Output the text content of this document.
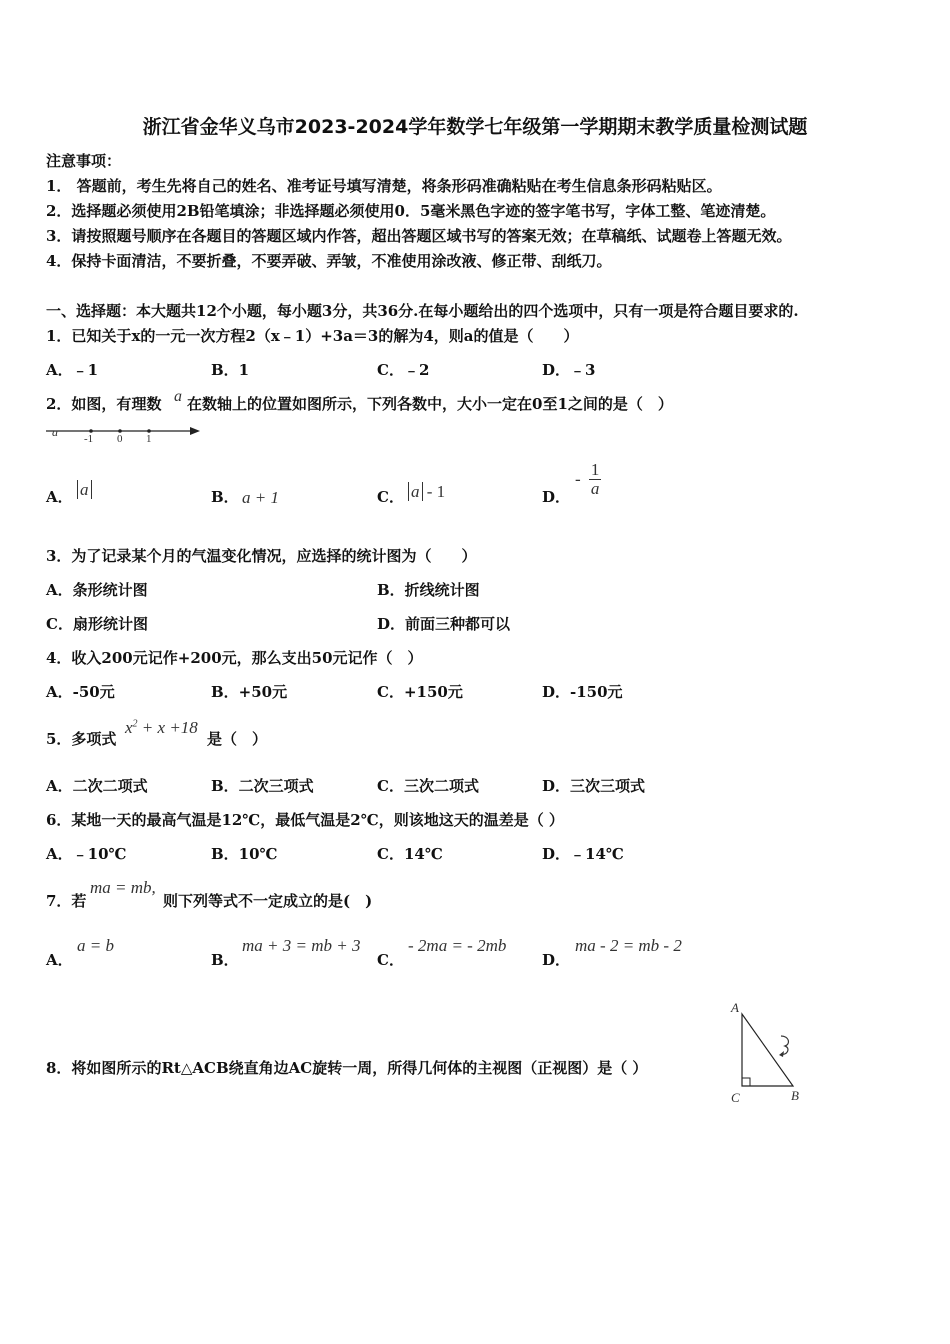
浙江省金华义乌市2023-2024学年数学七年级第一学期期末教学质量检测试题
注意事项：
1． 答题前，考生先将自己的姓名、准考证号填写清楚，将条形码准确粘贴在考生信息条形码粘贴区。
2．选择题必须使用2B铅笔填涂；非选择题必须使用0．5毫米黑色字迹的签字笔书写，字体工整、笔迹清楚。
3．请按照题号顺序在各题目的答题区域内作答，超出答题区域书写的答案无效；在草稿纸、试题卷上答题无效。
4．保持卡面清洁，不要折叠，不要弄破、弄皱，不准使用涂改液、修正带、刮纸刀。
一、选择题：本大题共12个小题，每小题3分，共36分.在每小题给出的四个选项中，只有一项是符合题目要求的.
1．已知关于x的一元一次方程2（x﹣1）+3a＝3的解为4，则a的值是（　　）
A．﹣1	B．1	C．﹣2	D．﹣3
2．如图，有理数 a 在数轴上的位置如图所示，下列各数中，大小一定在0至1之间的是（　）
a -1 0 1
A． a	B． a + 1	C． a - 1	D．
- $\frac{1}{a}$
3．为了记录某个月的气温变化情况，应选择的统计图为（　　）
A．条形统计图	B．折线统计图
C．扇形统计图	D．前面三种都可以
4．收入200元记作+200元，那么支出50元记作（　）
A．-50元	B．+50元	C．+150元	D．-150元
5．多项式
$x^2 + x +18$
是（　）
A．二次二项式	B．二次三项式	C．三次二项式	D．三次三项式
6．某地一天的最高气温是12℃，最低气温是2℃，则该地这天的温差是（ ）
A．﹣10℃	B．10℃	C．14℃	D．﹣14℃
7．若
ma = mb,
则下列等式不一定成立的是(　)
A．
a = b
B．
ma + 3 = mb + 3
C．
- 2ma = - 2mb
D．
ma - 2 = mb - 2
8．将如图所示的Rt△ACB绕直角边AC旋转一周，所得几何体的主视图（正视图）是（ ）
A
C	B
